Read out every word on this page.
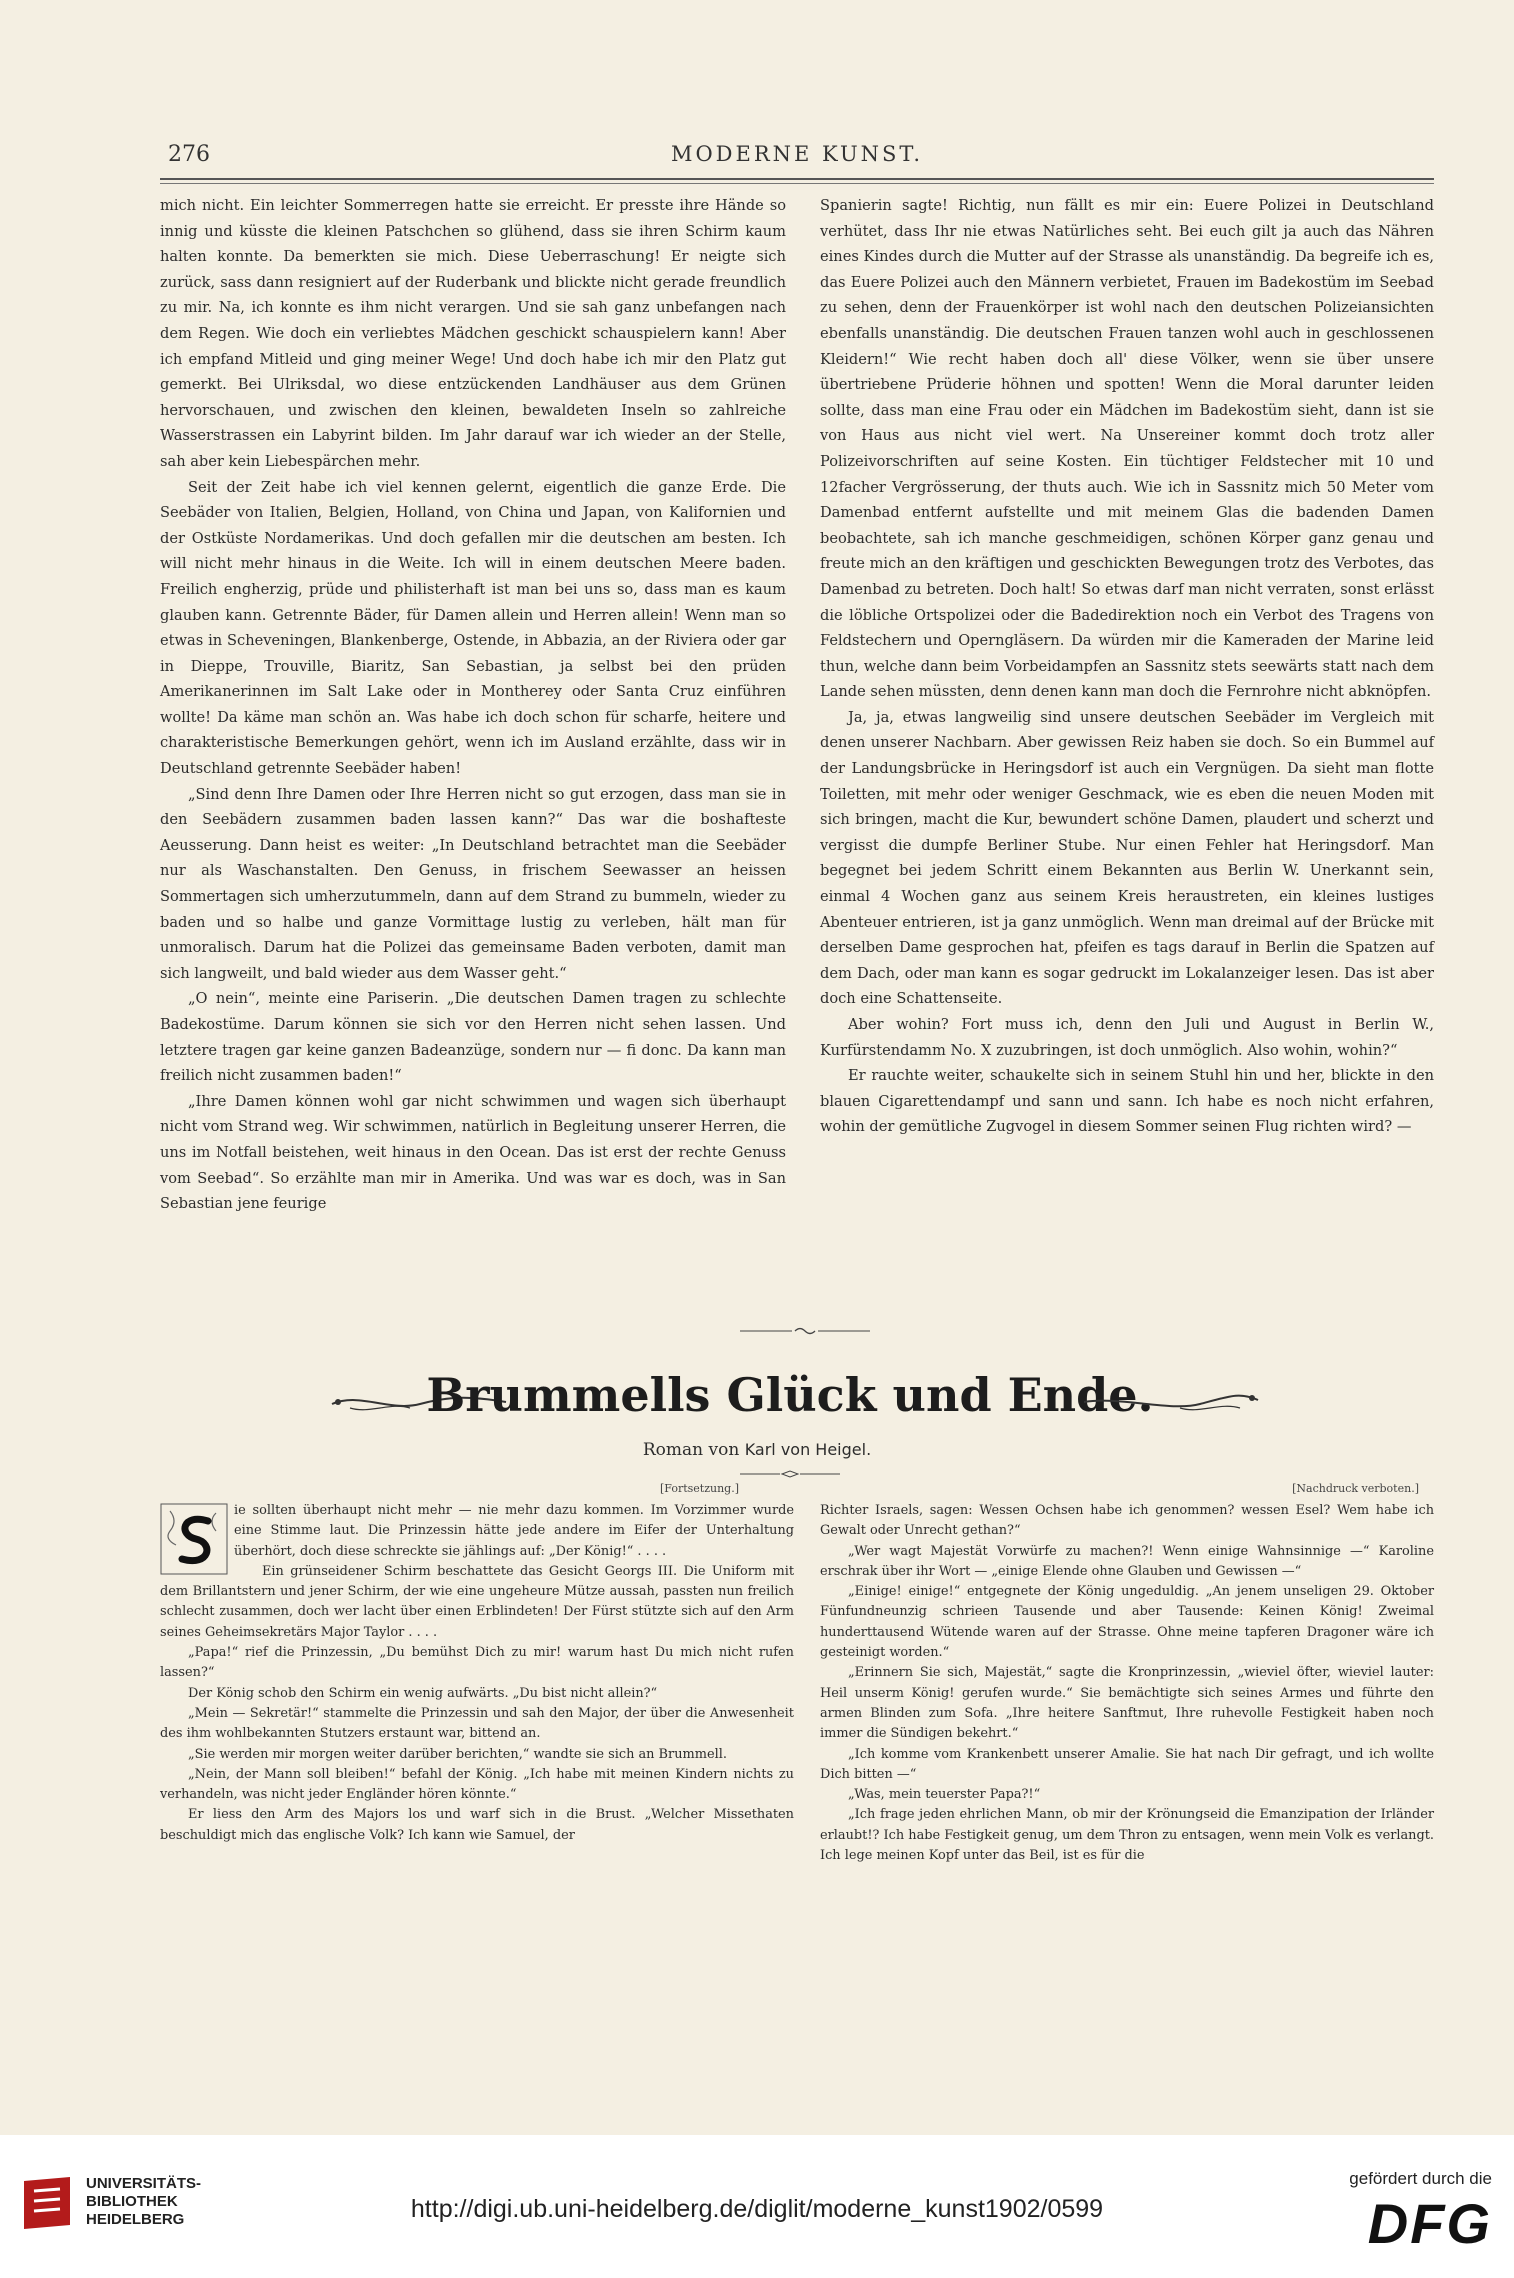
276	MODERNE KUNST.

mich nicht. Ein leichter Sommerregen hatte sie erreicht. Er presste ihre Hände so innig und küsste die kleinen Patschchen so glühend, dass sie ihren Schirm kaum halten konnte. Da bemerkten sie mich. Diese Ueberraschung! Er neigte sich zurück, sass dann resigniert auf der Ruderbank und blickte nicht gerade freundlich zu mir. Na, ich konnte es ihm nicht verargen. Und sie sah ganz unbefangen nach dem Regen. Wie doch ein verliebtes Mädchen geschickt schauspielern kann! Aber ich empfand Mitleid und ging meiner Wege! Und doch habe ich mir den Platz gut gemerkt. Bei Ulriksdal, wo diese entzückenden Landhäuser aus dem Grünen hervorschauen, und zwischen den kleinen, bewaldeten Inseln so zahlreiche Wasserstrassen ein Labyrint bilden. Im Jahr darauf war ich wieder an der Stelle, sah aber kein Liebespärchen mehr.

Seit der Zeit habe ich viel kennen gelernt, eigentlich die ganze Erde. Die Seebäder von Italien, Belgien, Holland, von China und Japan, von Kalifornien und der Ostküste Nordamerikas. Und doch gefallen mir die deutschen am besten. Ich will nicht mehr hinaus in die Weite. Ich will in einem deutschen Meere baden. Freilich engherzig, prüde und philisterhaft ist man bei uns so, dass man es kaum glauben kann. Getrennte Bäder, für Damen allein und Herren allein! Wenn man so etwas in Scheveningen, Blankenberge, Ostende, in Abbazia, an der Riviera oder gar in Dieppe, Trouville, Biaritz, San Sebastian, ja selbst bei den prüden Amerikanerinnen im Salt Lake oder in Montherey oder Santa Cruz einführen wollte! Da käme man schön an. Was habe ich doch schon für scharfe, heitere und charakteristische Bemerkungen gehört, wenn ich im Ausland erzählte, dass wir in Deutschland getrennte Seebäder haben!

„Sind denn Ihre Damen oder Ihre Herren nicht so gut erzogen, dass man sie in den Seebädern zusammen baden lassen kann?“ Das war die boshafteste Aeusserung. Dann heist es weiter: „In Deutschland betrachtet man die Seebäder nur als Waschanstalten. Den Genuss, in frischem Seewasser an heissen Sommertagen sich umherzutummeln, dann auf dem Strand zu bummeln, wieder zu baden und so halbe und ganze Vormittage lustig zu verleben, hält man für unmoralisch. Darum hat die Polizei das gemeinsame Baden verboten, damit man sich langweilt, und bald wieder aus dem Wasser geht.“

„O nein“, meinte eine Pariserin. „Die deutschen Damen tragen zu schlechte Badekostüme. Darum können sie sich vor den Herren nicht sehen lassen. Und letztere tragen gar keine ganzen Badeanzüge, sondern nur — fi donc. Da kann man freilich nicht zusammen baden!“

„Ihre Damen können wohl gar nicht schwimmen und wagen sich überhaupt nicht vom Strand weg. Wir schwimmen, natürlich in Begleitung unserer Herren, die uns im Notfall beistehen, weit hinaus in den Ocean. Das ist erst der rechte Genuss vom Seebad“. So erzählte man mir in Amerika. Und was war es doch, was in San Sebastian jene feurige

Spanierin sagte! Richtig, nun fällt es mir ein: Euere Polizei in Deutschland verhütet, dass Ihr nie etwas Natürliches seht. Bei euch gilt ja auch das Nähren eines Kindes durch die Mutter auf der Strasse als unanständig. Da begreife ich es, das Euere Polizei auch den Männern verbietet, Frauen im Badekostüm im Seebad zu sehen, denn der Frauenkörper ist wohl nach den deutschen Polizeiansichten ebenfalls unanständig. Die deutschen Frauen tanzen wohl auch in geschlossenen Kleidern!“ Wie recht haben doch all' diese Völker, wenn sie über unsere übertriebene Prüderie höhnen und spotten! Wenn die Moral darunter leiden sollte, dass man eine Frau oder ein Mädchen im Badekostüm sieht, dann ist sie von Haus aus nicht viel wert. Na Unsereiner kommt doch trotz aller Polizeivorschriften auf seine Kosten. Ein tüchtiger Feldstecher mit 10 und 12facher Vergrösserung, der thuts auch. Wie ich in Sassnitz mich 50 Meter vom Damenbad entfernt aufstellte und mit meinem Glas die badenden Damen beobachtete, sah ich manche geschmeidigen, schönen Körper ganz genau und freute mich an den kräftigen und geschickten Bewegungen trotz des Verbotes, das Damenbad zu betreten. Doch halt! So etwas darf man nicht verraten, sonst erlässt die löbliche Ortspolizei oder die Badedirektion noch ein Verbot des Tragens von Feldstechern und Operngläsern. Da würden mir die Kameraden der Marine leid thun, welche dann beim Vorbeidampfen an Sassnitz stets seewärts statt nach dem Lande sehen müssten, denn denen kann man doch die Fernrohre nicht abknöpfen.

Ja, ja, etwas langweilig sind unsere deutschen Seebäder im Vergleich mit denen unserer Nachbarn. Aber gewissen Reiz haben sie doch. So ein Bummel auf der Landungsbrücke in Heringsdorf ist auch ein Vergnügen. Da sieht man flotte Toiletten, mit mehr oder weniger Geschmack, wie es eben die neuen Moden mit sich bringen, macht die Kur, bewundert schöne Damen, plaudert und scherzt und vergisst die dumpfe Berliner Stube. Nur einen Fehler hat Heringsdorf. Man begegnet bei jedem Schritt einem Bekannten aus Berlin W. Unerkannt sein, einmal 4 Wochen ganz aus seinem Kreis heraustreten, ein kleines lustiges Abenteuer entrieren, ist ja ganz unmöglich. Wenn man dreimal auf der Brücke mit derselben Dame gesprochen hat, pfeifen es tags darauf in Berlin die Spatzen auf dem Dach, oder man kann es sogar gedruckt im Lokalanzeiger lesen. Das ist aber doch eine Schattenseite.

Aber wohin? Fort muss ich, denn den Juli und August in Berlin W., Kurfürstendamm No. X zuzubringen, ist doch unmöglich. Also wohin, wohin?“

Er rauchte weiter, schaukelte sich in seinem Stuhl hin und her, blickte in den blauen Cigarettendampf und sann und sann. Ich habe es noch nicht erfahren, wohin der gemütliche Zugvogel in diesem Sommer seinen Flug richten wird? —

Brummells Glück und Ende.
Roman von Karl von Heigel.
[Fortsetzung.]	[Nachdruck verboten.]

ie sollten überhaupt nicht mehr — nie mehr dazu kommen. Im Vorzimmer wurde eine Stimme laut. Die Prinzessin hätte jede andere im Eifer der Unterhaltung überhört, doch diese schreckte sie jählings auf: „Der König!“ . . . .

Ein grünseidener Schirm beschattete das Gesicht Georgs III. Die Uniform mit dem Brillantstern und jener Schirm, der wie eine ungeheure Mütze aussah, passten nun freilich schlecht zusammen, doch wer lacht über einen Erblindeten! Der Fürst stützte sich auf den Arm seines Geheimsekretärs Major Taylor . . . .

„Papa!“ rief die Prinzessin, „Du bemühst Dich zu mir! warum hast Du mich nicht rufen lassen?“

Der König schob den Schirm ein wenig aufwärts. „Du bist nicht allein?“

„Mein — Sekretär!“ stammelte die Prinzessin und sah den Major, der über die Anwesenheit des ihm wohlbekannten Stutzers erstaunt war, bittend an.

„Sie werden mir morgen weiter darüber berichten,“ wandte sie sich an Brummell.

„Nein, der Mann soll bleiben!“ befahl der König. „Ich habe mit meinen Kindern nichts zu verhandeln, was nicht jeder Engländer hören könnte.“

Er liess den Arm des Majors los und warf sich in die Brust. „Welcher Missethaten beschuldigt mich das englische Volk? Ich kann wie Samuel, der

Richter Israels, sagen: Wessen Ochsen habe ich genommen? wessen Esel? Wem habe ich Gewalt oder Unrecht gethan?“

„Wer wagt Majestät Vorwürfe zu machen?! Wenn einige Wahnsinnige —“ Karoline erschrak über ihr Wort — „einige Elende ohne Glauben und Gewissen —“

„Einige! einige!“ entgegnete der König ungeduldig. „An jenem unseligen 29. Oktober Fünfundneunzig schrieen Tausende und aber Tausende: Keinen König! Zweimal hunderttausend Wütende waren auf der Strasse. Ohne meine tapferen Dragoner wäre ich gesteinigt worden.“

„Erinnern Sie sich, Majestät,“ sagte die Kronprinzessin, „wieviel öfter, wieviel lauter: Heil unserm König! gerufen wurde.“ Sie bemächtigte sich seines Armes und führte den armen Blinden zum Sofa. „Ihre heitere Sanftmut, Ihre ruhevolle Festigkeit haben noch immer die Sündigen bekehrt.“

„Ich komme vom Krankenbett unserer Amalie. Sie hat nach Dir gefragt, und ich wollte Dich bitten —“

„Was, mein teuerster Papa?!“

„Ich frage jeden ehrlichen Mann, ob mir der Krönungseid die Emanzipation der Irländer erlaubt!? Ich habe Festigkeit genug, um dem Thron zu entsagen, wenn mein Volk es verlangt. Ich lege meinen Kopf unter das Beil, ist es für die

UNIVERSITÄTS-
BIBLIOTHEK
HEIDELBERG	http://digi.ub.uni-heidelberg.de/diglit/moderne_kunst1902/0599
gefördert durch die
DFG
